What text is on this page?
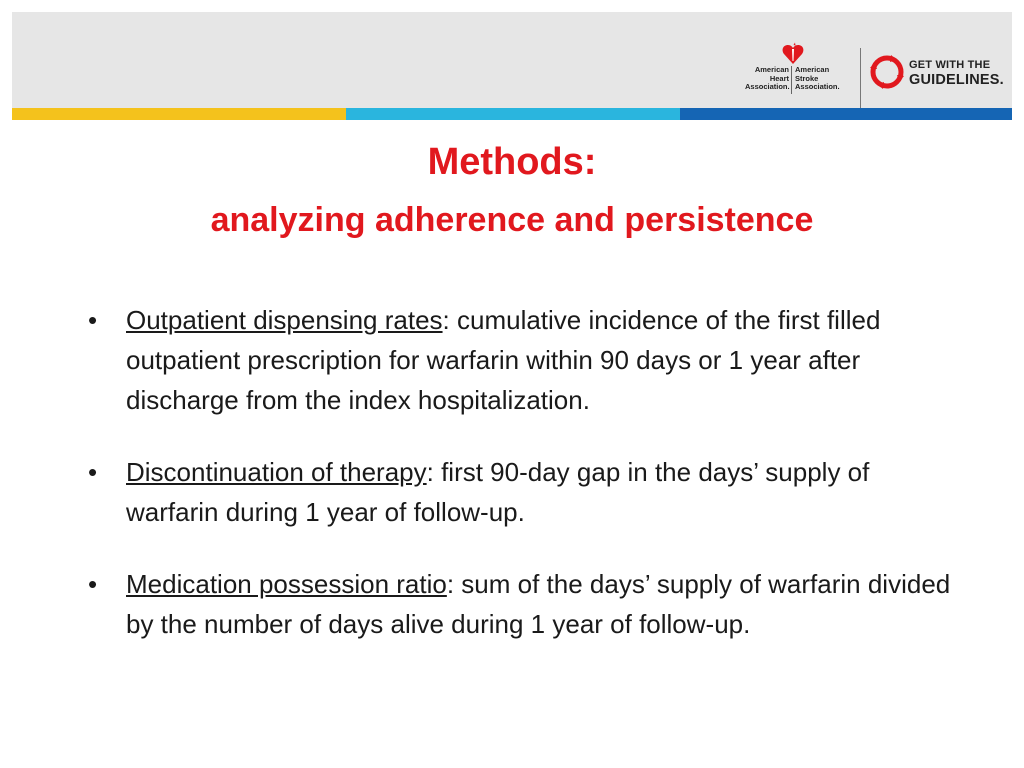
American
Heart
Association.
American
Stroke
Association.
GET WITH THE
GUIDELINES.
Methods:
analyzing adherence and persistence
• Outpatient dispensing rates: cumulative incidence of the first filled outpatient prescription for warfarin within 90 days or 1 year after discharge from the index hospitalization.
• Discontinuation of therapy: first 90-day gap in the days’ supply of warfarin during 1 year of follow-up.
• Medication possession ratio: sum of the days’ supply of warfarin divided by the number of days alive during 1 year of follow-up.
